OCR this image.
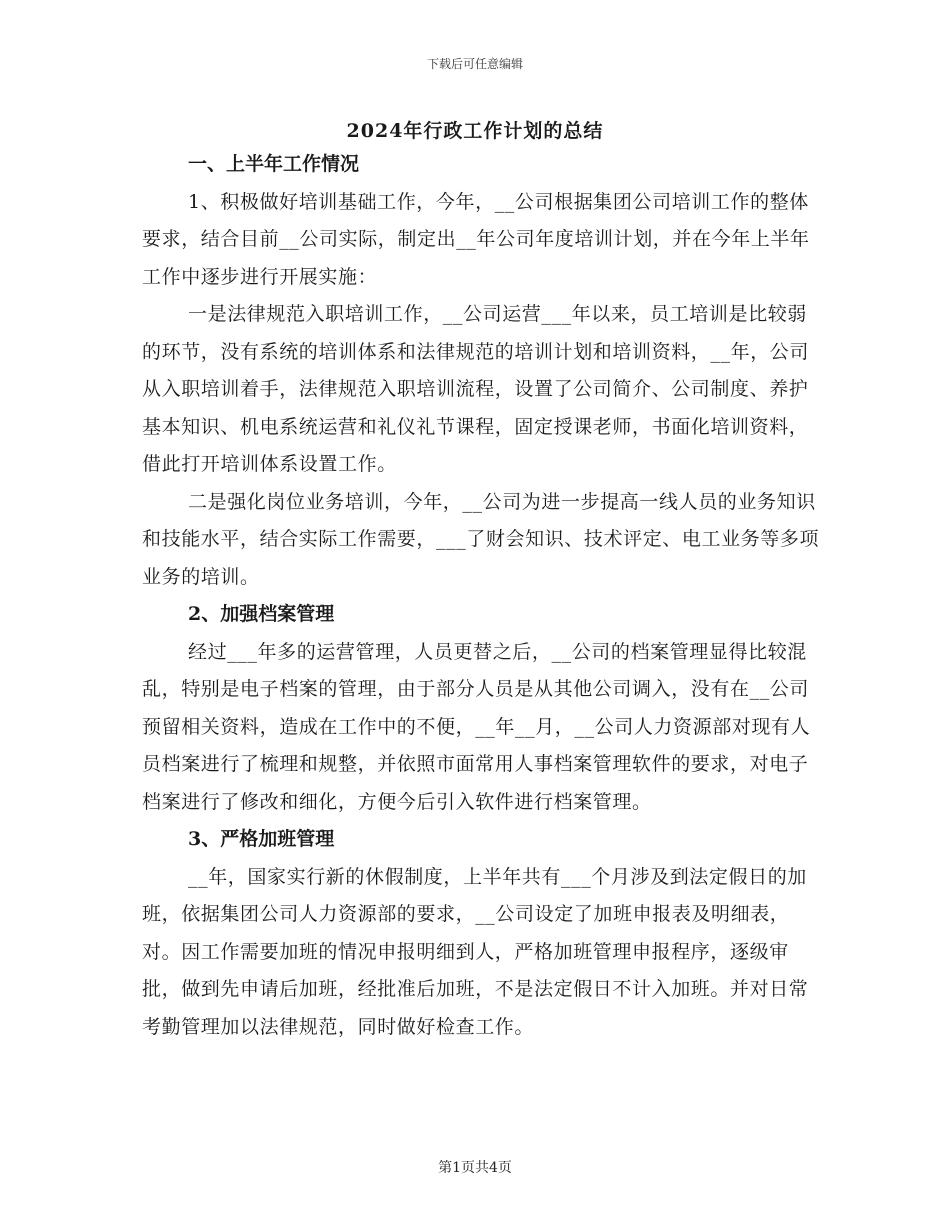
下载后可任意编辑
2024年行政工作计划的总结

一、上半年工作情况

1、积极做好培训基础工作，今年，__公司根据集团公司培训工作的整体要求，结合目前__公司实际，制定出__年公司年度培训计划，并在今年上半年工作中逐步进行开展实施：

一是法律规范入职培训工作，__公司运营___年以来，员工培训是比较弱的环节，没有系统的培训体系和法律规范的培训计划和培训资料，__年，公司从入职培训着手，法律规范入职培训流程，设置了公司简介、公司制度、养护基本知识、机电系统运营和礼仪礼节课程，固定授课老师，书面化培训资料，借此打开培训体系设置工作。

二是强化岗位业务培训，今年，__公司为进一步提高一线人员的业务知识和技能水平，结合实际工作需要，___了财会知识、技术评定、电工业务等多项业务的培训。

2、加强档案管理

经过___年多的运营管理，人员更替之后，__公司的档案管理显得比较混乱，特别是电子档案的管理，由于部分人员是从其他公司调入，没有在__公司预留相关资料，造成在工作中的不便，__年__月，__公司人力资源部对现有人员档案进行了梳理和规整，并依照市面常用人事档案管理软件的要求，对电子档案进行了修改和细化，方便今后引入软件进行档案管理。

3、严格加班管理

__年，国家实行新的休假制度，上半年共有___个月涉及到法定假日的加班，依据集团公司人力资源部的要求，__公司设定了加班申报表及明细表，对。因工作需要加班的情况申报明细到人，严格加班管理申报程序，逐级审批，做到先申请后加班，经批准后加班，不是法定假日不计入加班。并对日常考勤管理加以法律规范，同时做好检查工作。

第1页共4页
